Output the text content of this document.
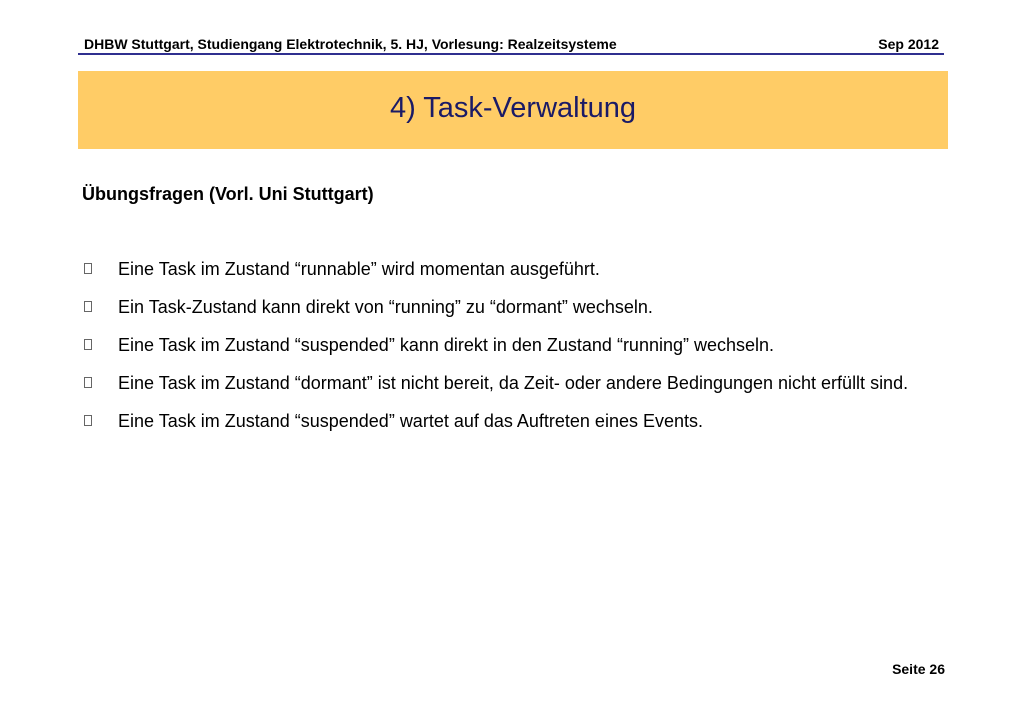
DHBW Stuttgart, Studiengang Elektrotechnik, 5. HJ, Vorlesung: Realzeitsysteme	Sep 2012
4) Task-Verwaltung
Übungsfragen (Vorl. Uni Stuttgart)
Eine Task im Zustand “runnable” wird momentan ausgeführt.
Ein Task-Zustand kann direkt von “running” zu “dormant” wechseln.
Eine Task im Zustand “suspended” kann direkt in den Zustand “running” wechseln.
Eine Task im Zustand “dormant” ist nicht bereit, da Zeit- oder andere Bedingungen nicht erfüllt sind.
Eine Task im Zustand “suspended” wartet auf das Auftreten eines Events.
Seite 26
